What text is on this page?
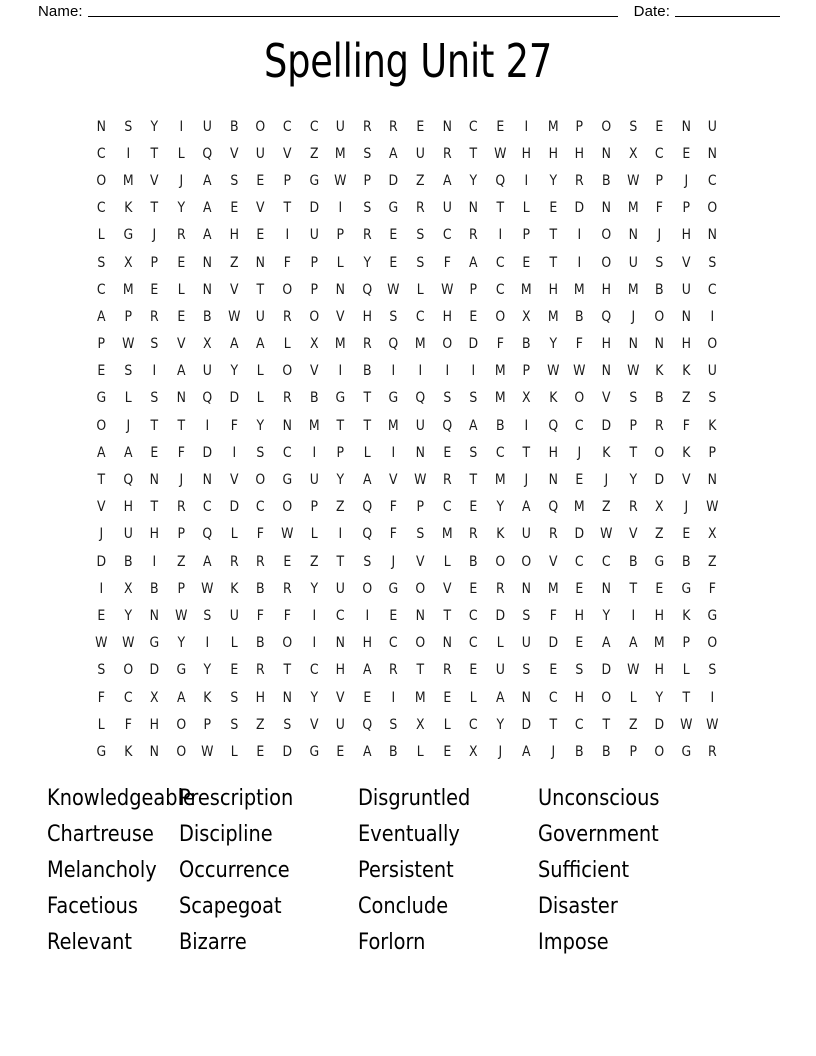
Name:	Date:
Spelling Unit 27
N	S	Y	I	U	B	O	C	C	U	R	R	E	N	C	E	I	M	P	O	S	E	N	U
C	I	T	L	Q	V	U	V	Z	M	S	A	U	R	T	W	H	H	H	N	X	C	E	N
O	M	V	J	A	S	E	P	G	W	P	D	Z	A	Y	Q	I	Y	R	B	W	P	J	C
C	K	T	Y	A	E	V	T	D	I	S	G	R	U	N	T	L	E	D	N	M	F	P	O
L	G	J	R	A	H	E	I	U	P	R	E	S	C	R	I	P	T	I	O	N	J	H	N
S	X	P	E	N	Z	N	F	P	L	Y	E	S	F	A	C	E	T	I	O	U	S	V	S
C	M	E	L	N	V	T	O	P	N	Q	W	L	W	P	C	M	H	M	H	M	B	U	C
A	P	R	E	B	W	U	R	O	V	H	S	C	H	E	O	X	M	B	Q	J	O	N	I
P	W	S	V	X	A	A	L	X	M	R	Q	M	O	D	F	B	Y	F	H	N	N	H	O
E	S	I	A	U	Y	L	O	V	I	B	I	I	I	I	M	P	W W	N	W	K	K	U
G	L	S	N	Q	D	L	R	B	G	T	G	Q	S	S	M	X	K	O	V	S	B	Z	S
O	J	T	T	I	F	Y	N	M	T	T	M	U	Q	A	B	I	Q	C	D	P	R	F	K
A	A	E	F	D	I	S	C	I	P	L	I	N	E	S	C	T	H	J	K	T	O	K	P
T	Q	N	J	N	V	O	G	U	Y	A	V	W	R	T	M	J	N	E	J	Y	D	V	N
V	H	T	R	C	D	C	O	P	Z	Q	F	P	C	E	Y	A	Q	M	Z	R	X	J	W
J	U	H	P	Q	L	F	W	L	I	Q	F	S	M	R	K	U	R	D	W	V	Z	E	X
D	B	I	Z	A	R	R	E	Z	T	S	J	V	L	B	O	O	V	C	C	B	G	B	Z
I	X	B	P	W	K	B	R	Y	U	O	G	O	V	E	R	N	M	E	N	T	E	G	F
E	Y	N	W	S	U	F	F	I	C	I	E	N	T	C	D	S	F	H	Y	I	H	K	G
W W	G	Y	I	L	B	O	I	N	H	C	O	N	C	L	U	D	E	A	A	M	P	O
S	O	D	G	Y	E	R	T	C	H	A	R	T	R	E	U	S	E	S	D	W	H	L	S
F	C	X	A	K	S	H	N	Y	V	E	I	M	E	L	A	N	C	H	O	L	Y	T	I
L	F	H	O	P	S	Z	S	V	U	Q	S	X	L	C	Y	D	T	C	T	Z	D	W W
G	K	N	O	W	L	E	D	G	E	A	B	L	E	X	J	A	J	B	B	P	O	G	R
Knowledgeable
Chartreuse
Melancholy
Facetious
Relevant
Prescription
Discipline
Occurrence
Scapegoat
Bizarre
Disgruntled
Eventually
Persistent
Conclude
Forlorn
Unconscious
Government
Sufficient
Disaster
Impose
